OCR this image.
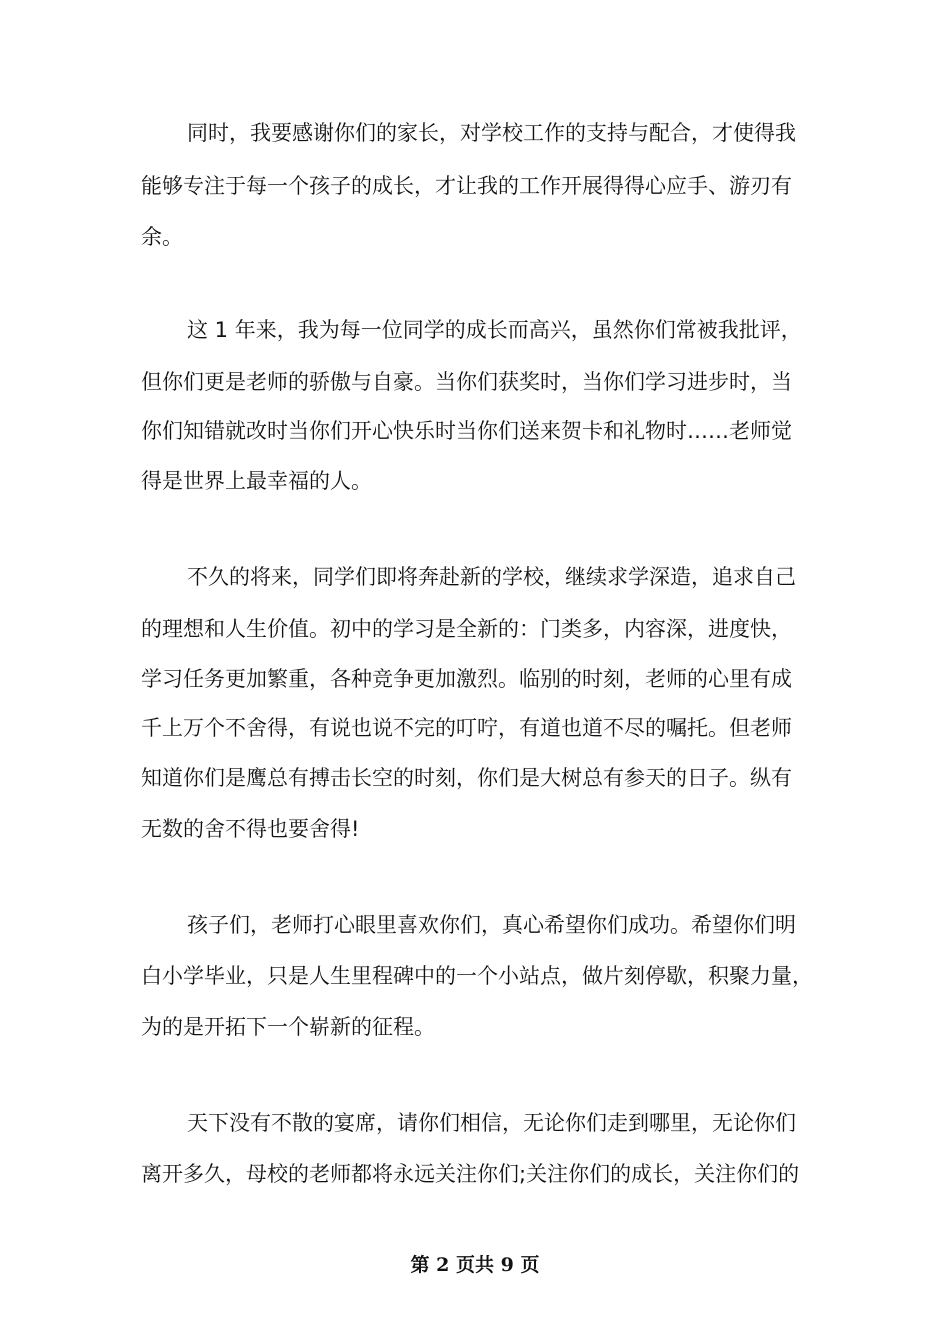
同时，我要感谢你们的家长，对学校工作的支持与配合，才使得我
能够专注于每一个孩子的成长，才让我的工作开展得得心应手、游刃有
余。
这 1 年来，我为每一位同学的成长而高兴，虽然你们常被我批评，
但你们更是老师的骄傲与自豪。当你们获奖时，当你们学习进步时，当
你们知错就改时当你们开心快乐时当你们送来贺卡和礼物时……老师觉
得是世界上最幸福的人。
不久的将来，同学们即将奔赴新的学校，继续求学深造，追求自己
的理想和人生价值。初中的学习是全新的：门类多，内容深，进度快，
学习任务更加繁重，各种竞争更加激烈。临别的时刻，老师的心里有成
千上万个不舍得，有说也说不完的叮咛，有道也道不尽的嘱托。但老师
知道你们是鹰总有搏击长空的时刻，你们是大树总有参天的日子。纵有
无数的舍不得也要舍得!
孩子们，老师打心眼里喜欢你们，真心希望你们成功。希望你们明
白小学毕业，只是人生里程碑中的一个小站点，做片刻停歇，积聚力量，
为的是开拓下一个崭新的征程。
天下没有不散的宴席，请你们相信，无论你们走到哪里，无论你们
离开多久，母校的老师都将永远关注你们;关注你们的成长，关注你们的
第 2 页共 9 页
